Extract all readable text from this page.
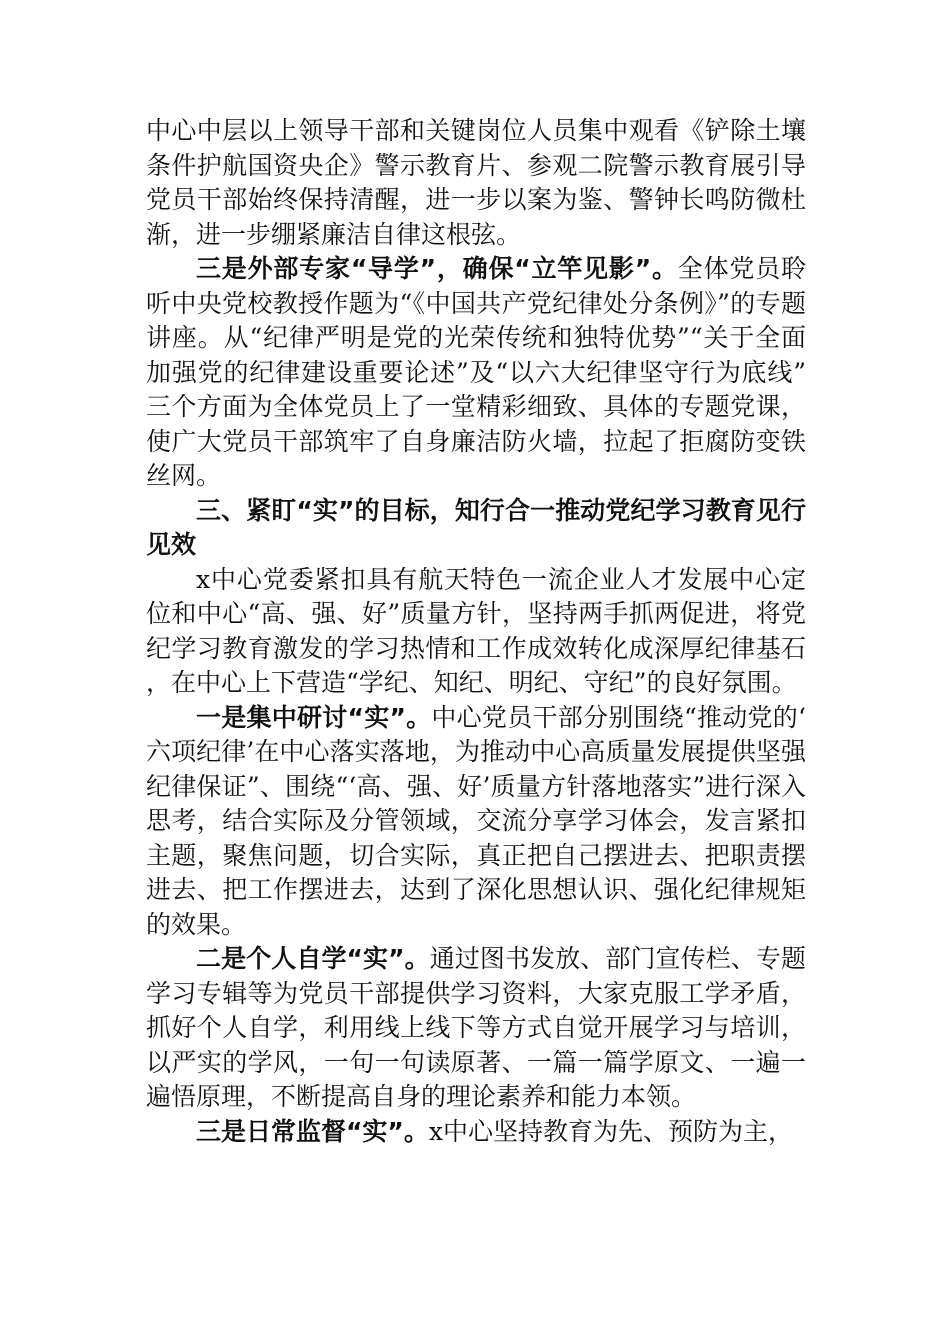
中心中层以上领导干部和关键岗位人员集中观看《铲除土壤条件护航国资央企》警示教育片、参观二院警示教育展引导党员干部始终保持清醒，进一步以案为鉴、警钟长鸣防微杜渐，进一步绷紧廉洁自律这根弦。

三是外部专家“导学”，确保“立竿见影”。全体党员聆听中央党校教授作题为“《中国共产党纪律处分条例》”的专题讲座。从“纪律严明是党的光荣传统和独特优势”“关于全面加强党的纪律建设重要论述”及“以六大纪律坚守行为底线”三个方面为全体党员上了一堂精彩细致、具体的专题党课，使广大党员干部筑牢了自身廉洁防火墙，拉起了拒腐防变铁丝网。

三、紧盯“实”的目标，知行合一推动党纪学习教育见行见效

x中心党委紧扣具有航天特色一流企业人才发展中心定位和中心“高、强、好”质量方针，坚持两手抓两促进，将党纪学习教育激发的学习热情和工作成效转化成深厚纪律基石，在中心上下营造“学纪、知纪、明纪、守纪”的良好氛围。

一是集中研讨“实”。中心党员干部分别围绕“推动党的‘六项纪律’在中心落实落地，为推动中心高质量发展提供坚强纪律保证”、围绕“‘高、强、好’质量方针落地落实”进行深入思考，结合实际及分管领域，交流分享学习体会，发言紧扣主题，聚焦问题，切合实际，真正把自己摆进去、把职责摆进去、把工作摆进去，达到了深化思想认识、强化纪律规矩的效果。

二是个人自学“实”。通过图书发放、部门宣传栏、专题学习专辑等为党员干部提供学习资料，大家克服工学矛盾，抓好个人自学，利用线上线下等方式自觉开展学习与培训，以严实的学风，一句一句读原著、一篇一篇学原文、一遍一遍悟原理，不断提高自身的理论素养和能力本领。

三是日常监督“实”。x中心坚持教育为先、预防为主，
